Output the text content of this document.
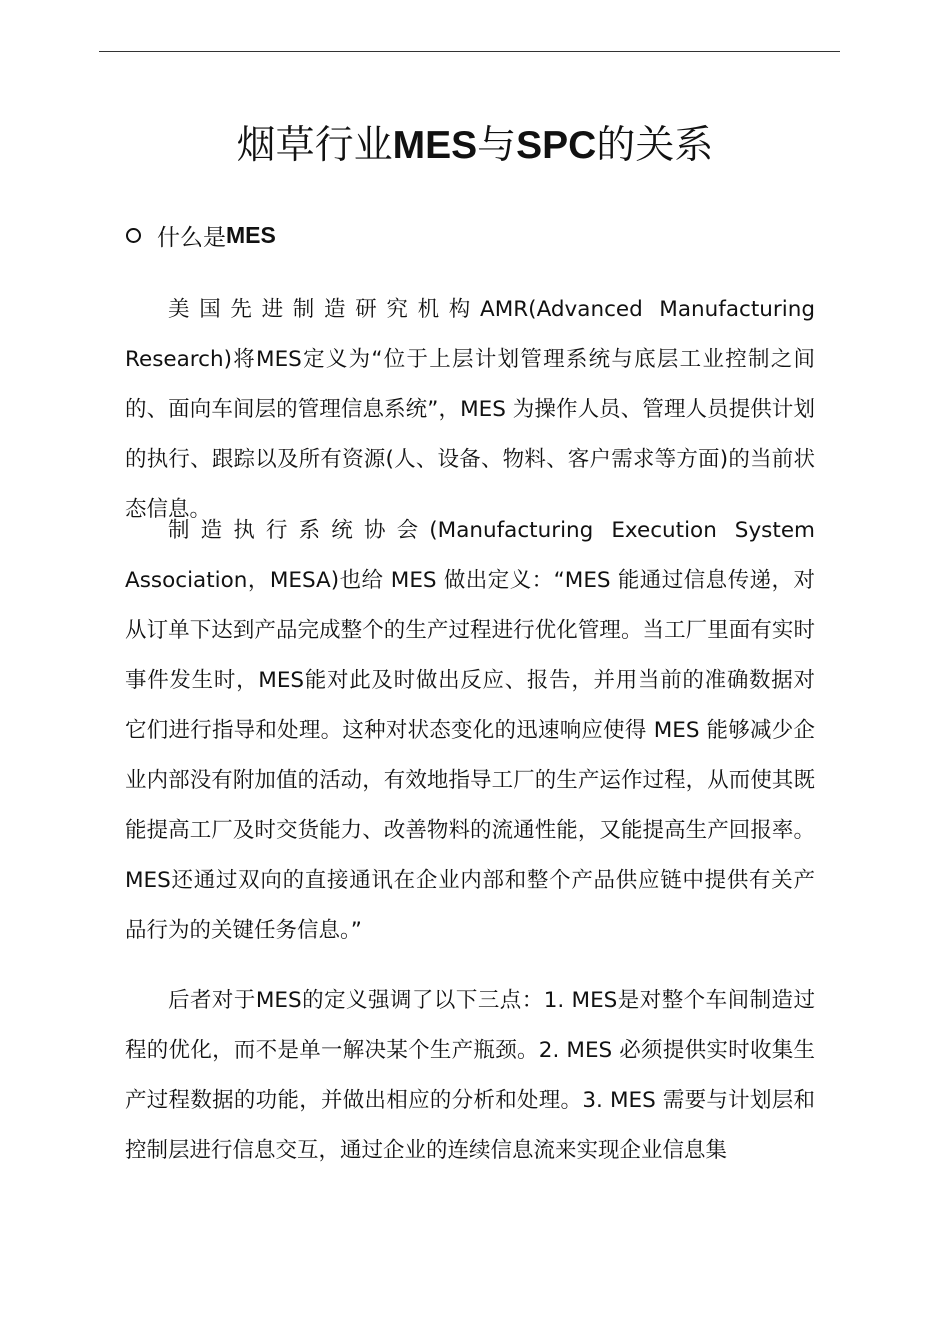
烟草行业MES与SPC的关系
什么是 MES

美国先进制造研究机构AMR(Advanced Manufacturing Research)将MES定义为“位于上层计划管理系统与底层工业控制之间的、面向车间层的管理信息系统”，MES 为操作人员、管理人员提供计划的执行、跟踪以及所有资源(人、设备、物料、客户需求等方面)的当前状态信息。

制造执行系统协会(Manufacturing Execution System Association，MESA)也给 MES 做出定义：“MES 能通过信息传递，对从订单下达到产品完成整个的生产过程进行优化管理。当工厂里面有实时事件发生时，MES能对此及时做出反应、报告，并用当前的准确数据对它们进行指导和处理。这种对状态变化的迅速响应使得 MES 能够减少企业内部没有附加值的活动，有效地指导工厂的生产运作过程，从而使其既能提高工厂及时交货能力、改善物料的流通性能，又能提高生产回报率。MES还通过双向的直接通讯在企业内部和整个产品供应链中提供有关产品行为的关键任务信息。”

后者对于MES的定义强调了以下三点：1. MES是对整个车间制造过程的优化，而不是单一解决某个生产瓶颈。2. MES 必须提供实时收集生产过程数据的功能，并做出相应的分析和处理。3. MES 需要与计划层和控制层进行信息交互，通过企业的连续信息流来实现企业信息集
